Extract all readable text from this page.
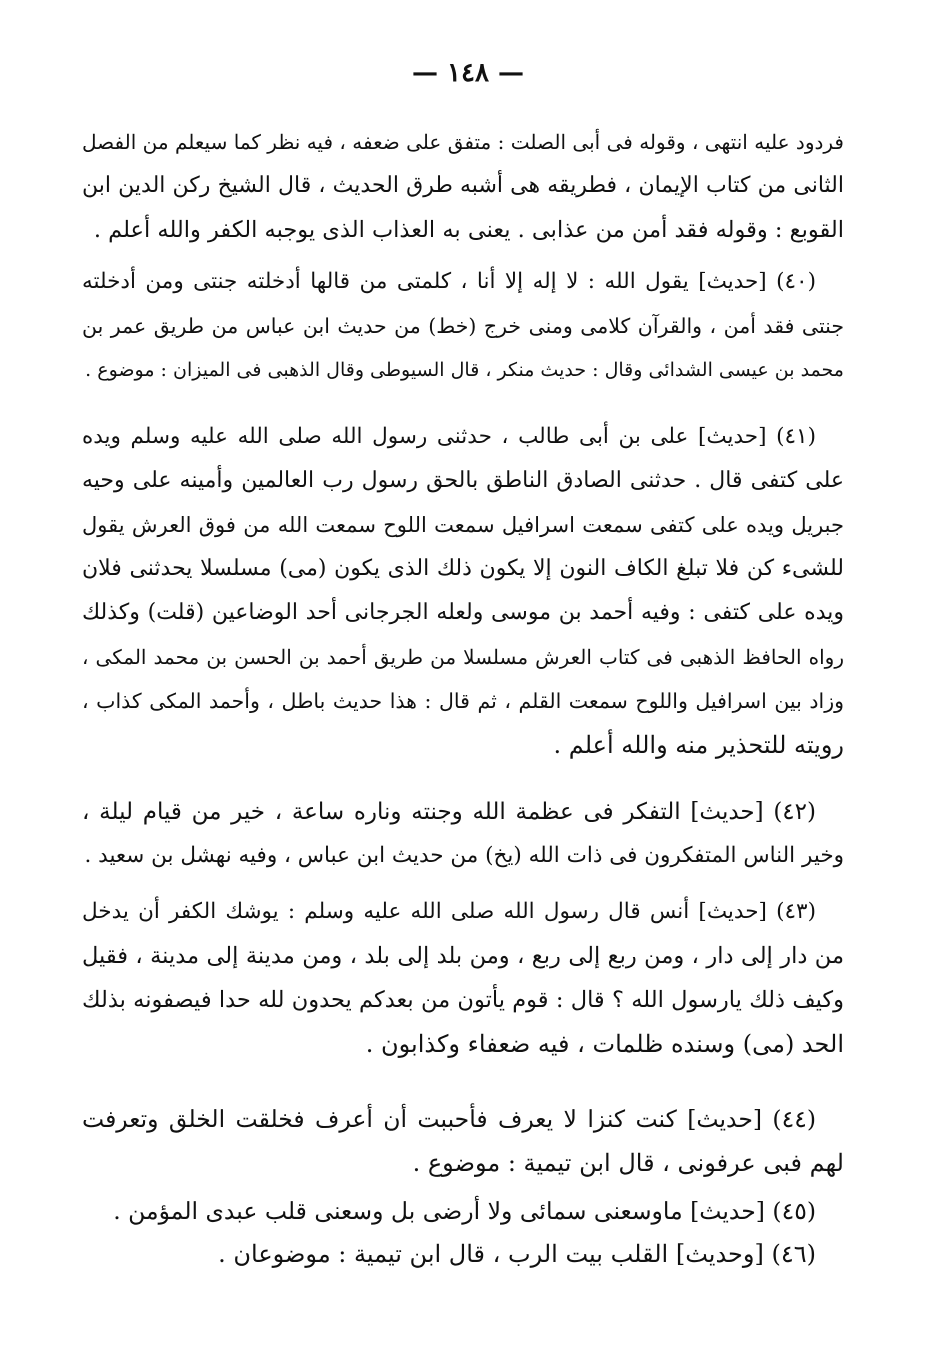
— ١٤٨ —
فردود عليه انتهى ، وقوله فى أبى الصلت : متفق على ضعفه ، فيه نظر كما سيعلم من الفصل
الثانى من كتاب الإيمان ، فطريقه هى أشبه طرق الحديث ، قال الشيخ ركن الدين ابن
القوبع : وقوله فقد أمن من عذابى . يعنى به العذاب الذى يوجبه الكفر والله أعلم .
(٤٠) [حديث] يقول الله : لا إله إلا أنا ، كلمتى من قالها أدخلته جنتى ومن أدخلته
جنتى فقد أمن ، والقرآن كلامى ومنى خرج (خط) من حديث ابن عباس من طريق عمر بن
محمد بن عيسى الشدائى وقال : حديث منكر ، قال السيوطى وقال الذهبى فى الميزان : موضوع .
(٤١) [حديث] على بن أبى طالب ، حدثنى رسول الله صلى الله عليه وسلم ويده
على كتفى قال . حدثنى الصادق الناطق بالحق رسول رب العالمين وأمينه على وحيه
جبريل ويده على كتفى سمعت اسرافيل سمعت اللوح سمعت الله من فوق العرش يقول
للشىء كن فلا تبلغ الكاف النون إلا يكون ذلك الذى يكون (مى) مسلسلا يحدثنى فلان
ويده على كتفى : وفيه أحمد بن موسى ولعله الجرجانى أحد الوضاعين (قلت) وكذلك
رواه الحافظ الذهبى فى كتاب العرش مسلسلا من طريق أحمد بن الحسن بن محمد المكى ،
وزاد بين اسرافيل واللوح سمعت القلم ، ثم قال : هذا حديث باطل ، وأحمد المكى كذاب ،
رويته للتحذير منه والله أعلم .
(٤٢) [حديث] التفكر فى عظمة الله وجنته وناره ساعة ، خير من قيام ليلة ،
وخير الناس المتفكرون فى ذات الله (يخ) من حديث ابن عباس ، وفيه نهشل بن سعيد .
(٤٣) [حديث] أنس قال رسول الله صلى الله عليه وسلم : يوشك الكفر أن يدخل
من دار إلى دار ، ومن ربع إلى ربع ، ومن بلد إلى بلد ، ومن مدينة إلى مدينة ، فقيل
وكيف ذلك يارسول الله ؟ قال : قوم يأتون من بعدكم يحدون لله حدا فيصفونه بذلك
الحد (مى) وسنده ظلمات ، فيه ضعفاء وكذابون .
(٤٤) [حديث] كنت كنزا لا يعرف فأحببت أن أعرف فخلقت الخلق وتعرفت
لهم فبى عرفونى ، قال ابن تيمية : موضوع .
(٤٥) [حديث] ماوسعنى سمائى ولا أرضى بل وسعنى قلب عبدى المؤمن .
(٤٦) [وحديث] القلب بيت الرب ، قال ابن تيمية : موضوعان .
